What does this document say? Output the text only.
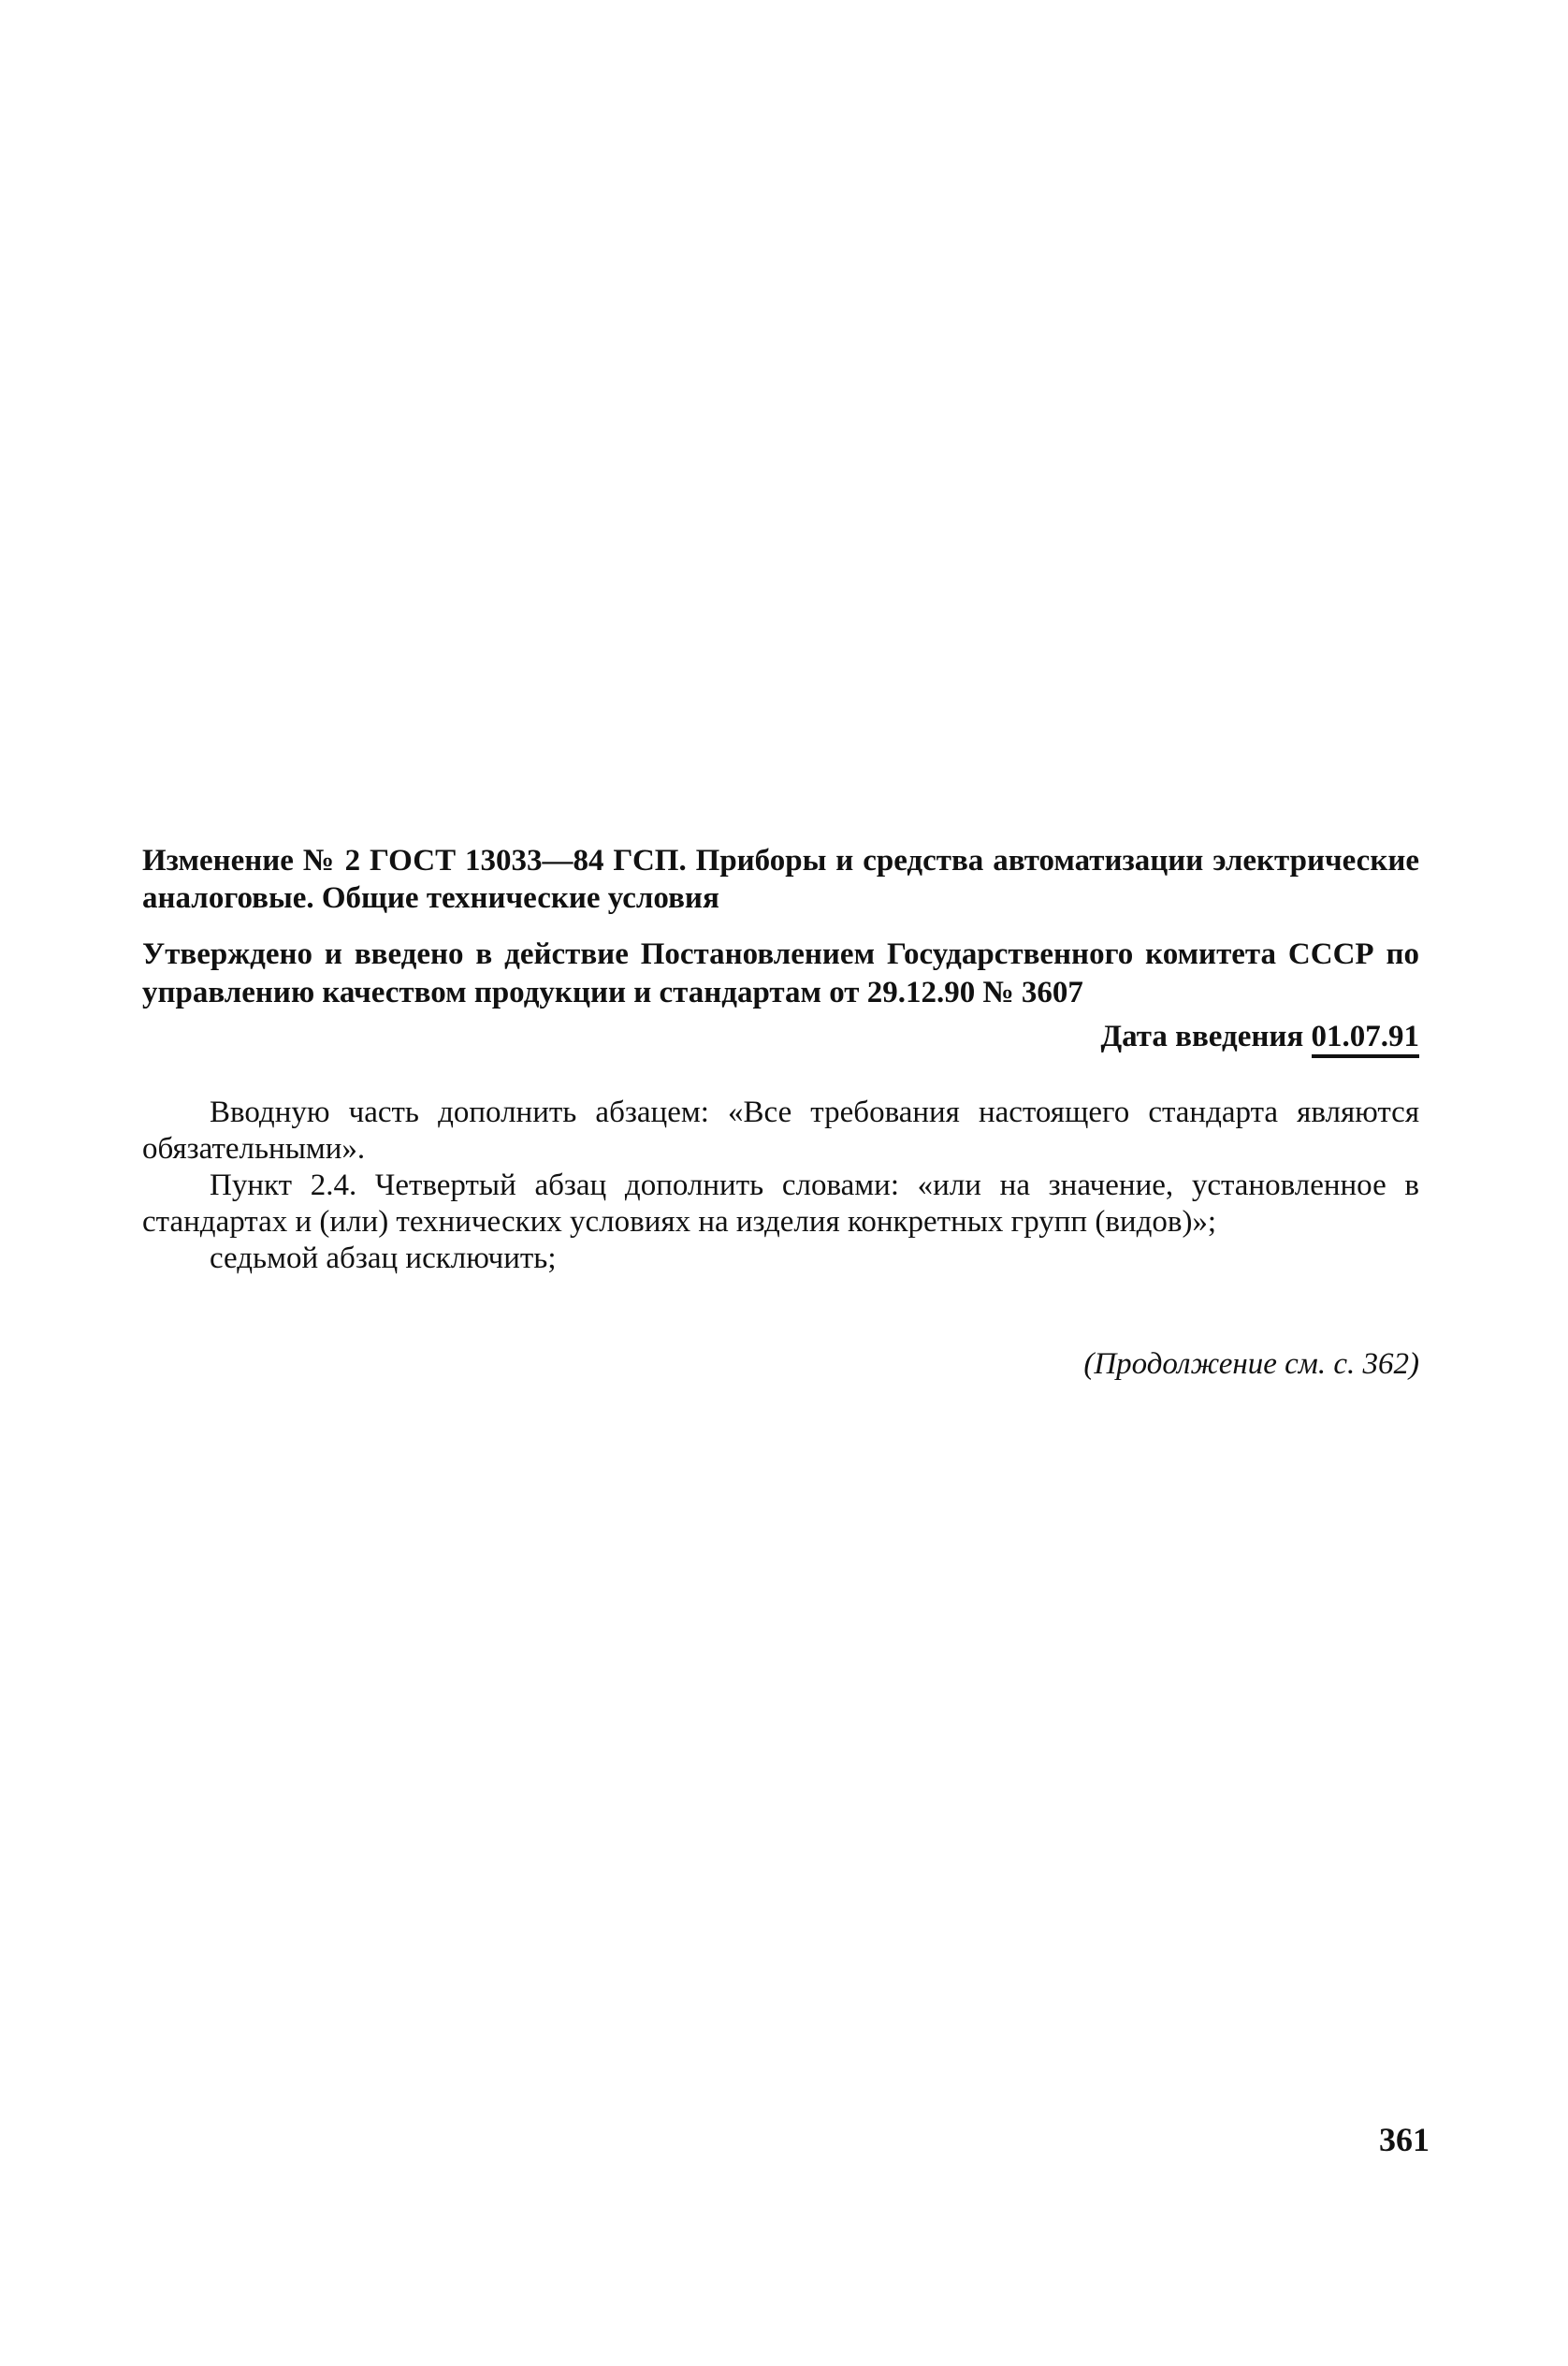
Изменение № 2 ГОСТ 13033—84 ГСП. Приборы и средства автоматизации электрические аналоговые. Общие технические условия

Утверждено и введено в действие Постановлением Государственного комитета СССР по управлению качеством продукции и стандартам от 29.12.90 № 3607

Дата введения 01.07.91

Вводную часть дополнить абзацем: «Все требования настоящего стандарта являются обязательными».

Пункт 2.4. Четвертый абзац дополнить словами: «или на значение, установленное в стандартах и (или) технических условиях на изделия конкретных групп (видов)»;

седьмой абзац исключить;

(Продолжение см. с. 362)
361
